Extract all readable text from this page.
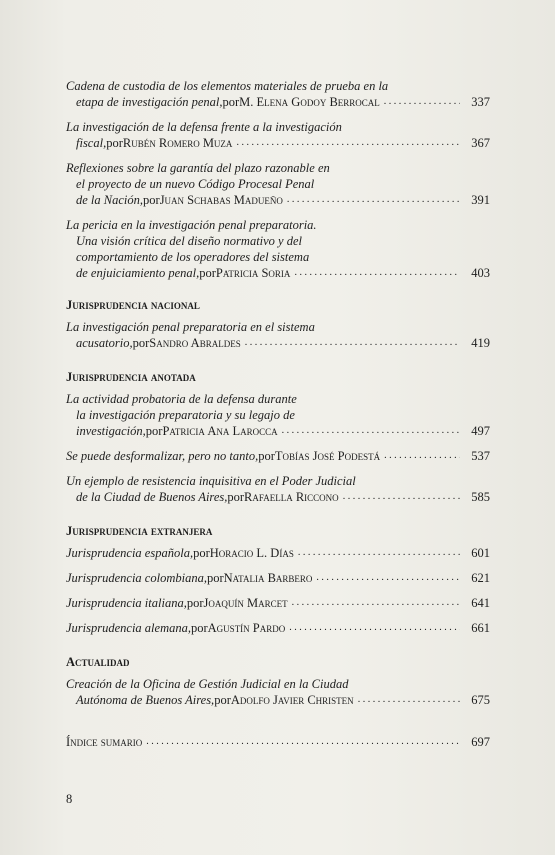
Cadena de custodia de los elementos materiales de prueba en la
etapa de investigación penal, por M. Elena Godoy Berrocal . . .	337
La investigación de la defensa frente a la investigación
fiscal, por Rubén Romero Muza . . .	367
Reflexiones sobre la garantía del plazo razonable en
el proyecto de un nuevo Código Procesal Penal
de la Nación, por Juan Schabas Madueño . . .	391
La pericia en la investigación penal preparatoria.
Una visión crítica del diseño normativo y del
comportamiento de los operadores del sistema
de enjuiciamiento penal, por Patricia Soria . . .	403
Jurisprudencia nacional
La investigación penal preparatoria en el sistema
acusatorio, por Sandro Abraldes . . .	419
Jurisprudencia anotada
La actividad probatoria de la defensa durante
la investigación preparatoria y su legajo de
investigación, por Patricia Ana Larocca . . .	497
Se puede desformalizar, pero no tanto, por Tobías José Podestá . . .	537
Un ejemplo de resistencia inquisitiva en el Poder Judicial
de la Ciudad de Buenos Aires, por Rafaella Riccono . . .	585
Jurisprudencia extranjera
Jurisprudencia española, por Horacio L. Días . . .	601
Jurisprudencia colombiana, por Natalia Barbero . . .	621
Jurisprudencia italiana, por Joaquín Marcet . . .	641
Jurisprudencia alemana, por Agustín Pardo . . .	661
Actualidad
Creación de la Oficina de Gestión Judicial en la Ciudad
Autónoma de Buenos Aires, por Adolfo Javier Christen . . .	675
Índice sumario . . .	697
8
